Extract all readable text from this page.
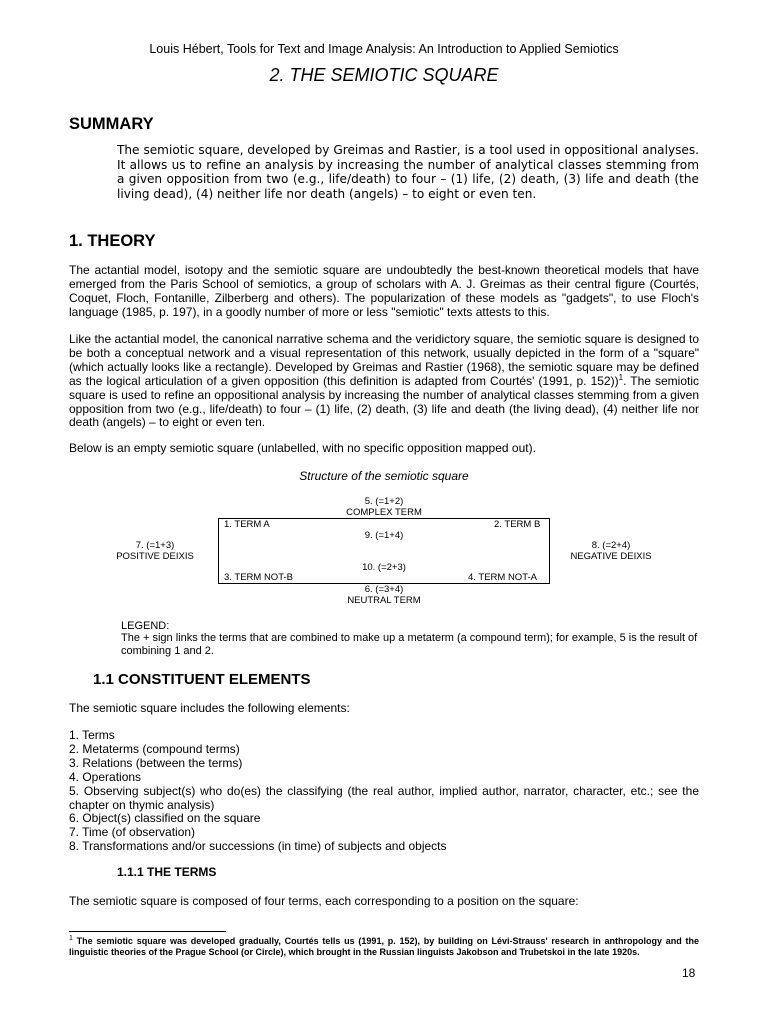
Louis Hébert, Tools for Text and Image Analysis: An Introduction to Applied Semiotics
2. THE SEMIOTIC SQUARE
SUMMARY
The semiotic square, developed by Greimas and Rastier, is a tool used in oppositional analyses. It allows us to refine an analysis by increasing the number of analytical classes stemming from a given opposition from two (e.g., life/death) to four – (1) life, (2) death, (3) life and death (the living dead), (4) neither life nor death (angels) – to eight or even ten.
1. THEORY
The actantial model, isotopy and the semiotic square are undoubtedly the best-known theoretical models that have emerged from the Paris School of semiotics, a group of scholars with A. J. Greimas as their central figure (Courtés, Coquet, Floch, Fontanille, Zilberberg and others). The popularization of these models as "gadgets", to use Floch's language (1985, p. 197), in a goodly number of more or less "semiotic" texts attests to this.
Like the actantial model, the canonical narrative schema and the veridictory square, the semiotic square is designed to be both a conceptual network and a visual representation of this network, usually depicted in the form of a "square" (which actually looks like a rectangle). Developed by Greimas and Rastier (1968), the semiotic square may be defined as the logical articulation of a given opposition (this definition is adapted from Courtés' (1991, p. 152))$^1$. The semiotic square is used to refine an oppositional analysis by increasing the number of analytical classes stemming from a given opposition from two (e.g., life/death) to four – (1) life, (2) death, (3) life and death (the living dead), (4) neither life nor death (angels) – to eight or even ten.
Below is an empty semiotic square (unlabelled, with no specific opposition mapped out).
Structure of the semiotic square
5. (=1+2)
COMPLEX TERM
1. TERM A	2. TERM B
9. (=1+4)
10. (=2+3)
3. TERM NOT-B	4. TERM NOT-A
6. (=3+4)
NEUTRAL TERM
7. (=1+3)
POSITIVE DEIXIS
8. (=2+4)
NEGATIVE DEIXIS
LEGEND:
The + sign links the terms that are combined to make up a metaterm (a compound term); for example, 5 is the result of combining 1 and 2.
1.1 CONSTITUENT ELEMENTS
The semiotic square includes the following elements:
1. Terms
2. Metaterms (compound terms)
3. Relations (between the terms)
4. Operations
5. Observing subject(s) who do(es) the classifying (the real author, implied author, narrator, character, etc.; see the chapter on thymic analysis)
6. Object(s) classified on the square
7. Time (of observation)
8. Transformations and/or successions (in time) of subjects and objects
1.1.1 THE TERMS
The semiotic square is composed of four terms, each corresponding to a position on the square:
$^1$ The semiotic square was developed gradually, Courtés tells us (1991, p. 152), by building on Lévi-Strauss' research in anthropology and the linguistic theories of the Prague School (or Circle), which brought in the Russian linguists Jakobson and Trubetskoi in the late 1920s.
18
